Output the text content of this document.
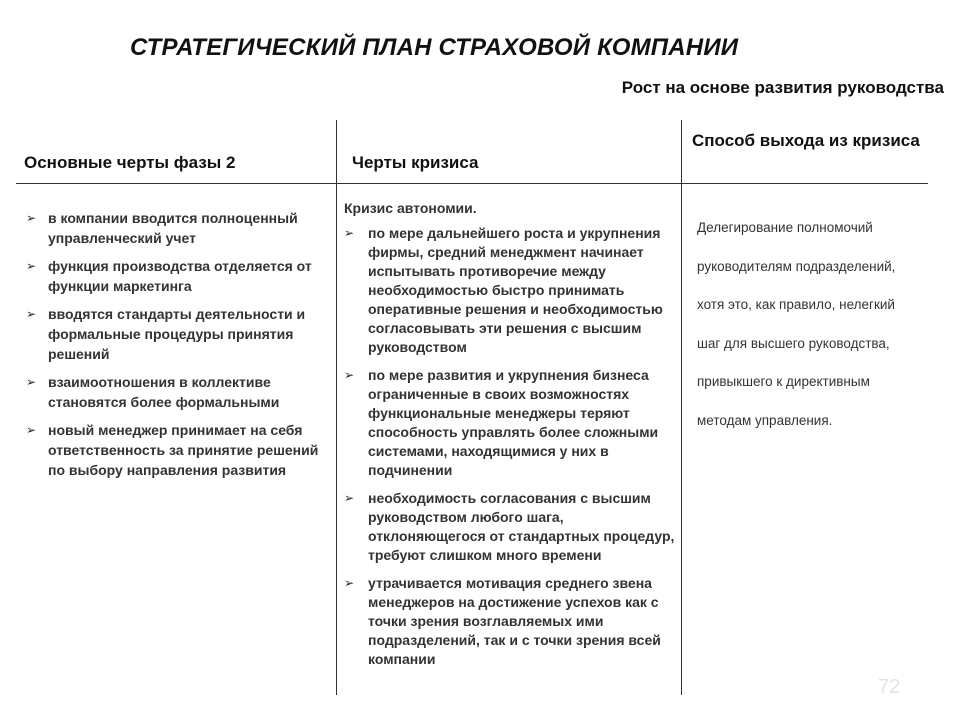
СТРАТЕГИЧЕСКИЙ ПЛАН СТРАХОВОЙ КОМПАНИИ
Рост на основе развития руководства
Основные черты фазы 2	Черты кризиса
Способ выхода из кризиса
➢ в компании вводится полноценный управленческий учет
➢ функция производства отделяется от функции маркетинга
➢ вводятся стандарты деятельности и формальные процедуры принятия решений
➢ взаимоотношения в коллективе становятся более формальными
➢ новый менеджер принимает на себя ответственность за принятие решений по выбору направления развития
Кризис автономии.
➢ по мере дальнейшего роста и укрупнения фирмы, средний менеджмент начинает испытывать противоречие между необходимостью быстро принимать оперативные решения и необходимостью согласовывать эти решения с высшим руководством
➢ по мере развития и укрупнения бизнеса ограниченные в своих возможностях функциональные менеджеры теряют способность управлять более сложными системами, находящимися у них в подчинении
➢ необходимость согласования с высшим руководством любого шага, отклоняющегося от стандартных процедур, требуют слишком много времени
➢ утрачивается мотивация среднего звена менеджеров на достижение успехов как с точки зрения возглавляемых ими подразделений, так и с точки зрения всей компании
Делегирование полномочий
руководителям подразделений,
хотя это, как правило, нелегкий
шаг для высшего руководства,
привыкшего к директивным
методам управления.
72
